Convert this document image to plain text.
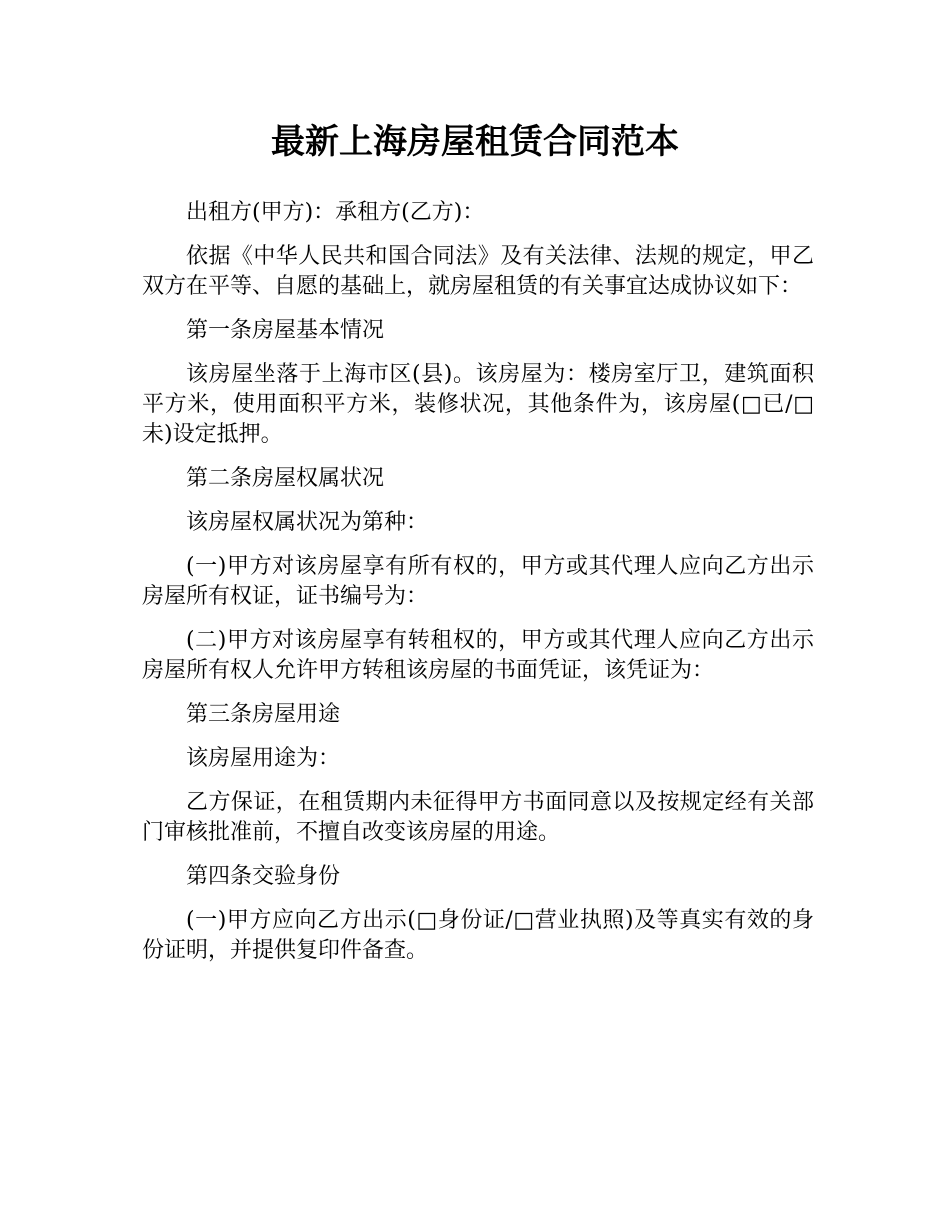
最新上海房屋租赁合同范本

出租方(甲方)：承租方(乙方)：

依据《中华人民共和国合同法》及有关法律、法规的规定，甲乙双方在平等、自愿的基础上，就房屋租赁的有关事宜达成协议如下：

第一条房屋基本情况

该房屋坐落于上海市区(县)。该房屋为：楼房室厅卫，建筑面积平方米，使用面积平方米，装修状况，其他条件为，该房屋(□已/□未)设定抵押。

第二条房屋权属状况

该房屋权属状况为第种：

(一)甲方对该房屋享有所有权的，甲方或其代理人应向乙方出示房屋所有权证，证书编号为：

(二)甲方对该房屋享有转租权的，甲方或其代理人应向乙方出示房屋所有权人允许甲方转租该房屋的书面凭证，该凭证为：

第三条房屋用途

该房屋用途为：

乙方保证，在租赁期内未征得甲方书面同意以及按规定经有关部门审核批准前，不擅自改变该房屋的用途。

第四条交验身份

(一)甲方应向乙方出示(□身份证/□营业执照)及等真实有效的身份证明，并提供复印件备查。
